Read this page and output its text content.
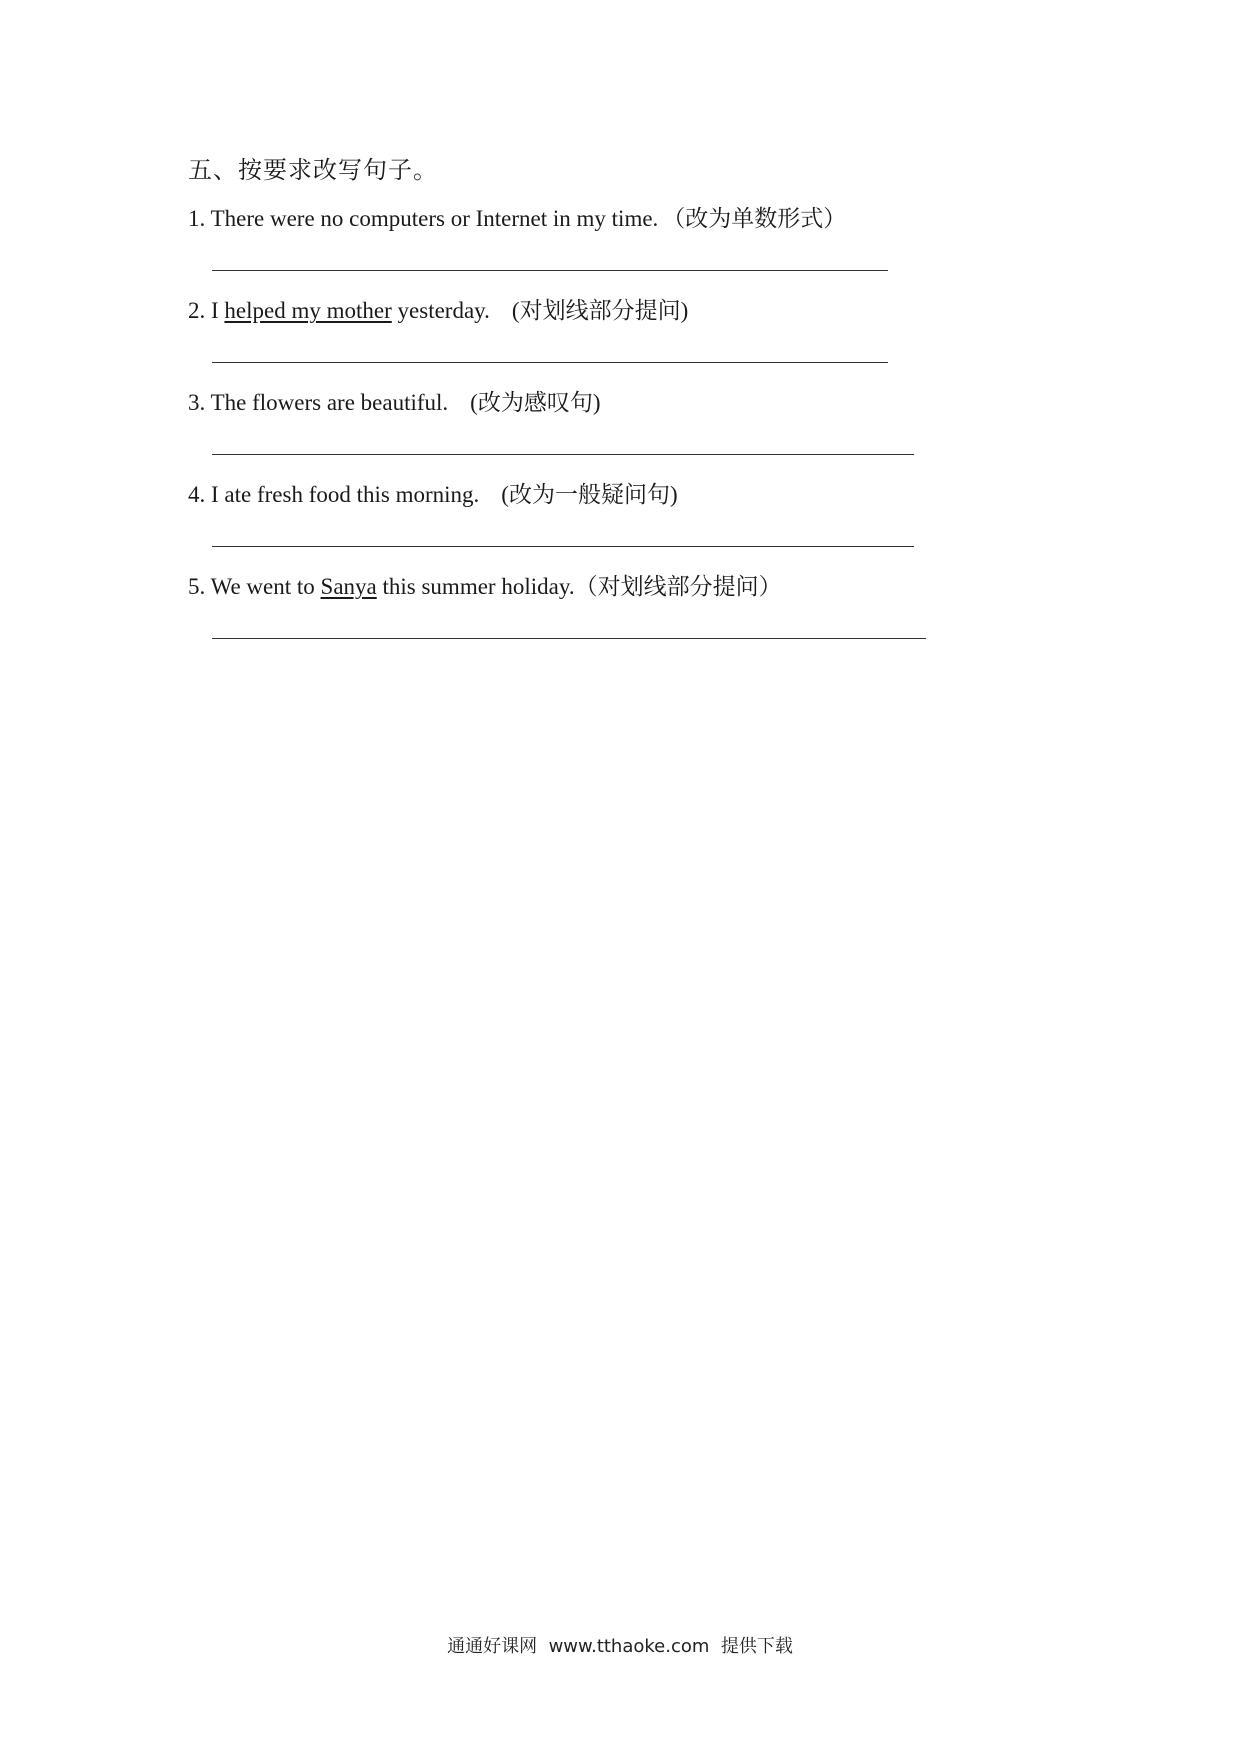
五、按要求改写句子。
1. There were no computers or Internet in my time. （改为单数形式）
2. I helped my mother yesterday. (对划线部分提问)
3. The flowers are beautiful. (改为感叹句)
4. I ate fresh food this morning. (改为一般疑问句)
5. We went to Sanya this summer holiday.（对划线部分提问）
通通好课网  www.tthaoke.com  提供下载
